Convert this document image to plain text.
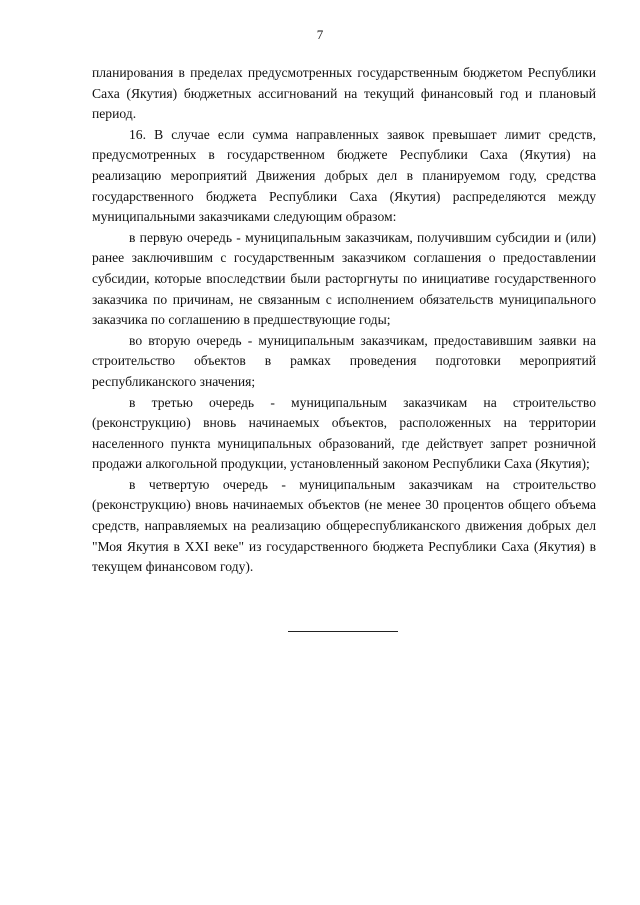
7

планирования в пределах предусмотренных государственным бюджетом Республики Саха (Якутия) бюджетных ассигнований на текущий финансовый год и плановый период.

16. В случае если сумма направленных заявок превышает лимит средств, предусмотренных в государственном бюджете Республики Саха (Якутия) на реализацию мероприятий Движения добрых дел в планируемом году, средства государственного бюджета Республики Саха (Якутия) распределяются между муниципальными заказчиками следующим образом:

в первую очередь - муниципальным заказчикам, получившим субсидии и (или) ранее заключившим с государственным заказчиком соглашения о предоставлении субсидии, которые впоследствии были расторгнуты по инициативе государственного заказчика по причинам, не связанным с исполнением обязательств муниципального заказчика по соглашению в предшествующие годы;

во вторую очередь - муниципальным заказчикам, предоставившим заявки на строительство объектов в рамках проведения подготовки мероприятий республиканского значения;

в третью очередь - муниципальным заказчикам на строительство (реконструкцию) вновь начинаемых объектов, расположенных на территории населенного пункта муниципальных образований, где действует запрет розничной продажи алкогольной продукции, установленный законом Республики Саха (Якутия);

в четвертую очередь - муниципальным заказчикам на строительство (реконструкцию) вновь начинаемых объектов (не менее 30 процентов общего объема средств, направляемых на реализацию общереспубликанского движения добрых дел "Моя Якутия в XXI веке" из государственного бюджета Республики Саха (Якутия) в текущем финансовом году).
